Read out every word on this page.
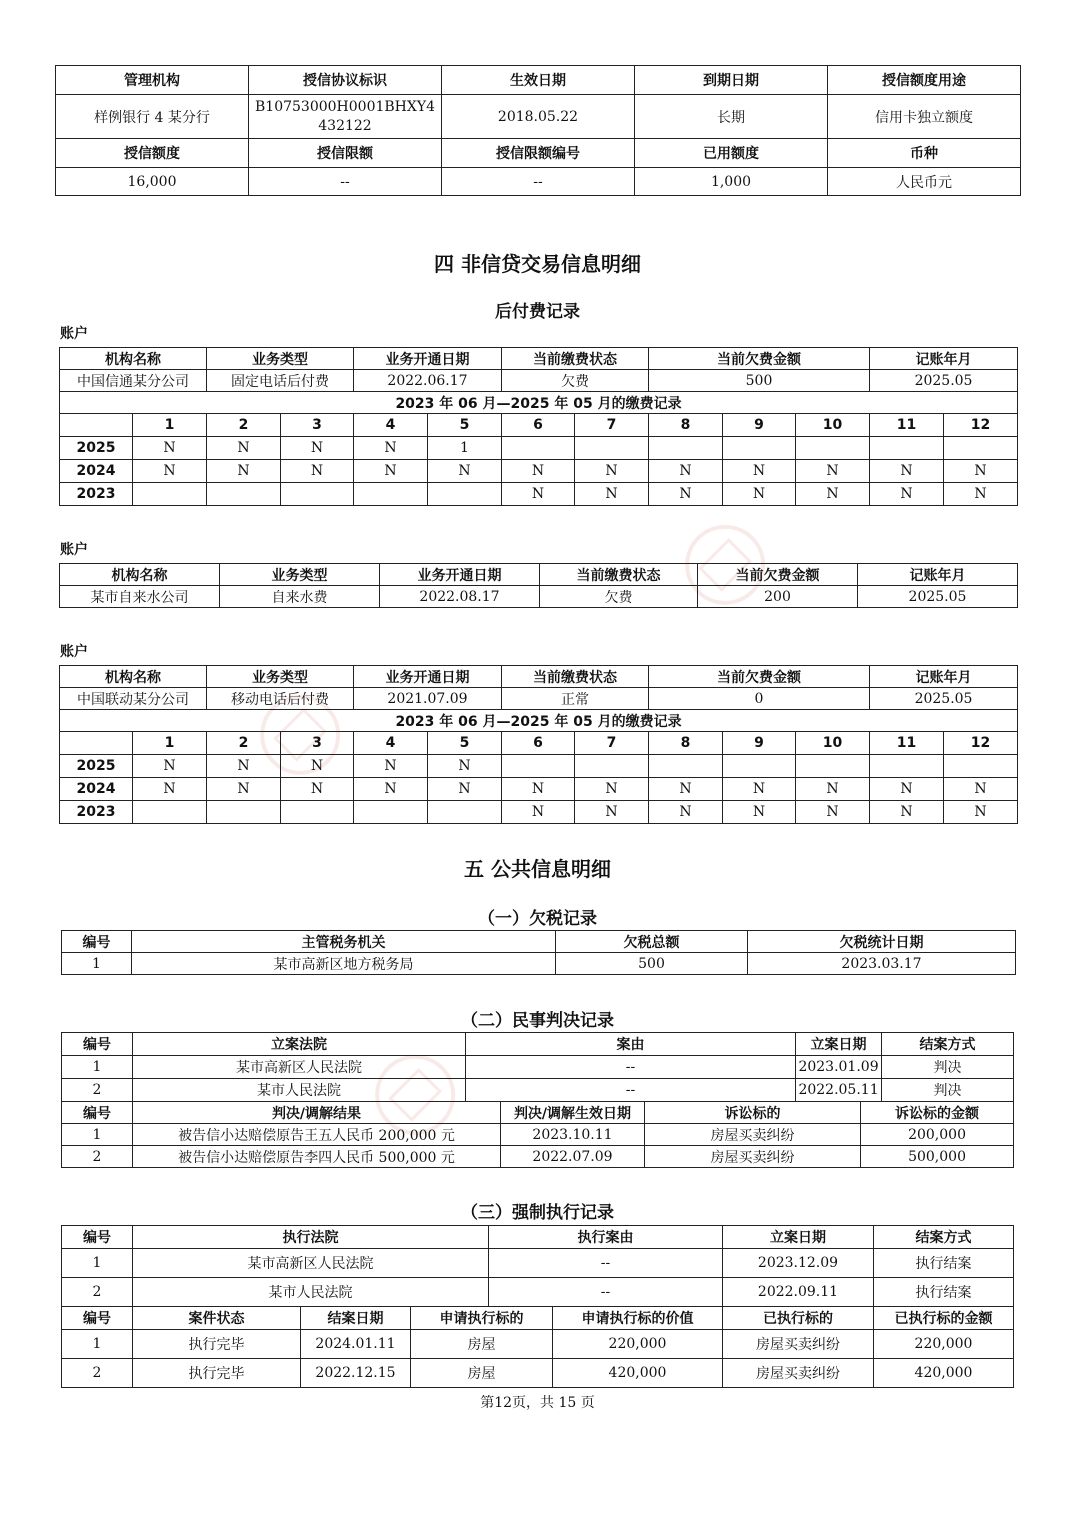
管理机构	授信协议标识	生效日期	到期日期	授信额度用途
样例银行 4 某分行	B10753000H0001BHXY4432122	2018.05.22	长期	信用卡独立额度
授信额度	授信限额	授信限额编号	已用额度	币种
16,000	--	--	1,000	人民币元
四 非信贷交易信息明细
后付费记录
账户
机构名称		业务类型		业务开通日期		当前缴费状态		当前欠费金额			记账年月	
中国信通某分公司		固定电话后付费		2022.06.17		欠费		500			2025.05	
2023 年 06 月—2025 年 05 月的缴费记录												
	1	2	3	4	5	6	7	8	9	10	11	12
2025	N	N	N	N	1							
2024	N	N	N	N	N	N	N	N	N	N	N	N
2023						N	N	N	N	N	N	N
账户
机构名称	业务类型	业务开通日期	当前缴费状态	当前欠费金额	记账年月
某市自来水公司	自来水费	2022.08.17	欠费	200	2025.05
账户
机构名称		业务类型		业务开通日期		当前缴费状态		当前欠费金额			记账年月	
中国联动某分公司		移动电话后付费		2021.07.09		正常		0			2025.05	
2023 年 06 月—2025 年 05 月的缴费记录												
	1	2	3	4	5	6	7	8	9	10	11	12
2025	N	N	N	N	N							
2024	N	N	N	N	N	N	N	N	N	N	N	N
2023						N	N	N	N	N	N	N
五 公共信息明细
（一）欠税记录
编号	主管税务机关	欠税总额	欠税统计日期
1	某市高新区地方税务局	500	2023.03.17
（二）民事判决记录
编号	立案法院	案由			立案日期		结案方式
1	某市高新区人民法院	--			2023.01.09		判决
2	某市人民法院	--			2022.05.11		判决
编号	判决/调解结果		判决/调解生效日期	诉讼标的		诉讼标的金额	
1	被告信小达赔偿原告王五人民币 200,000 元		2023.10.11	房屋买卖纠纷		200,000	
2	被告信小达赔偿原告李四人民币 500,000 元		2022.07.09	房屋买卖纠纷		500,000	
（三）强制执行记录
编号	执行法院			执行案由		立案日期	结案方式
1	某市高新区人民法院			--		2023.12.09	执行结案
2	某市人民法院			--		2022.09.11	执行结案
编号	案件状态	结案日期	申请执行标的		申请执行标的价值	已执行标的	已执行标的金额
1	执行完毕	2024.01.11	房屋		220,000	房屋买卖纠纷	220,000
2	执行完毕	2022.12.15	房屋		420,000	房屋买卖纠纷	420,000
第12页，共 15 页
